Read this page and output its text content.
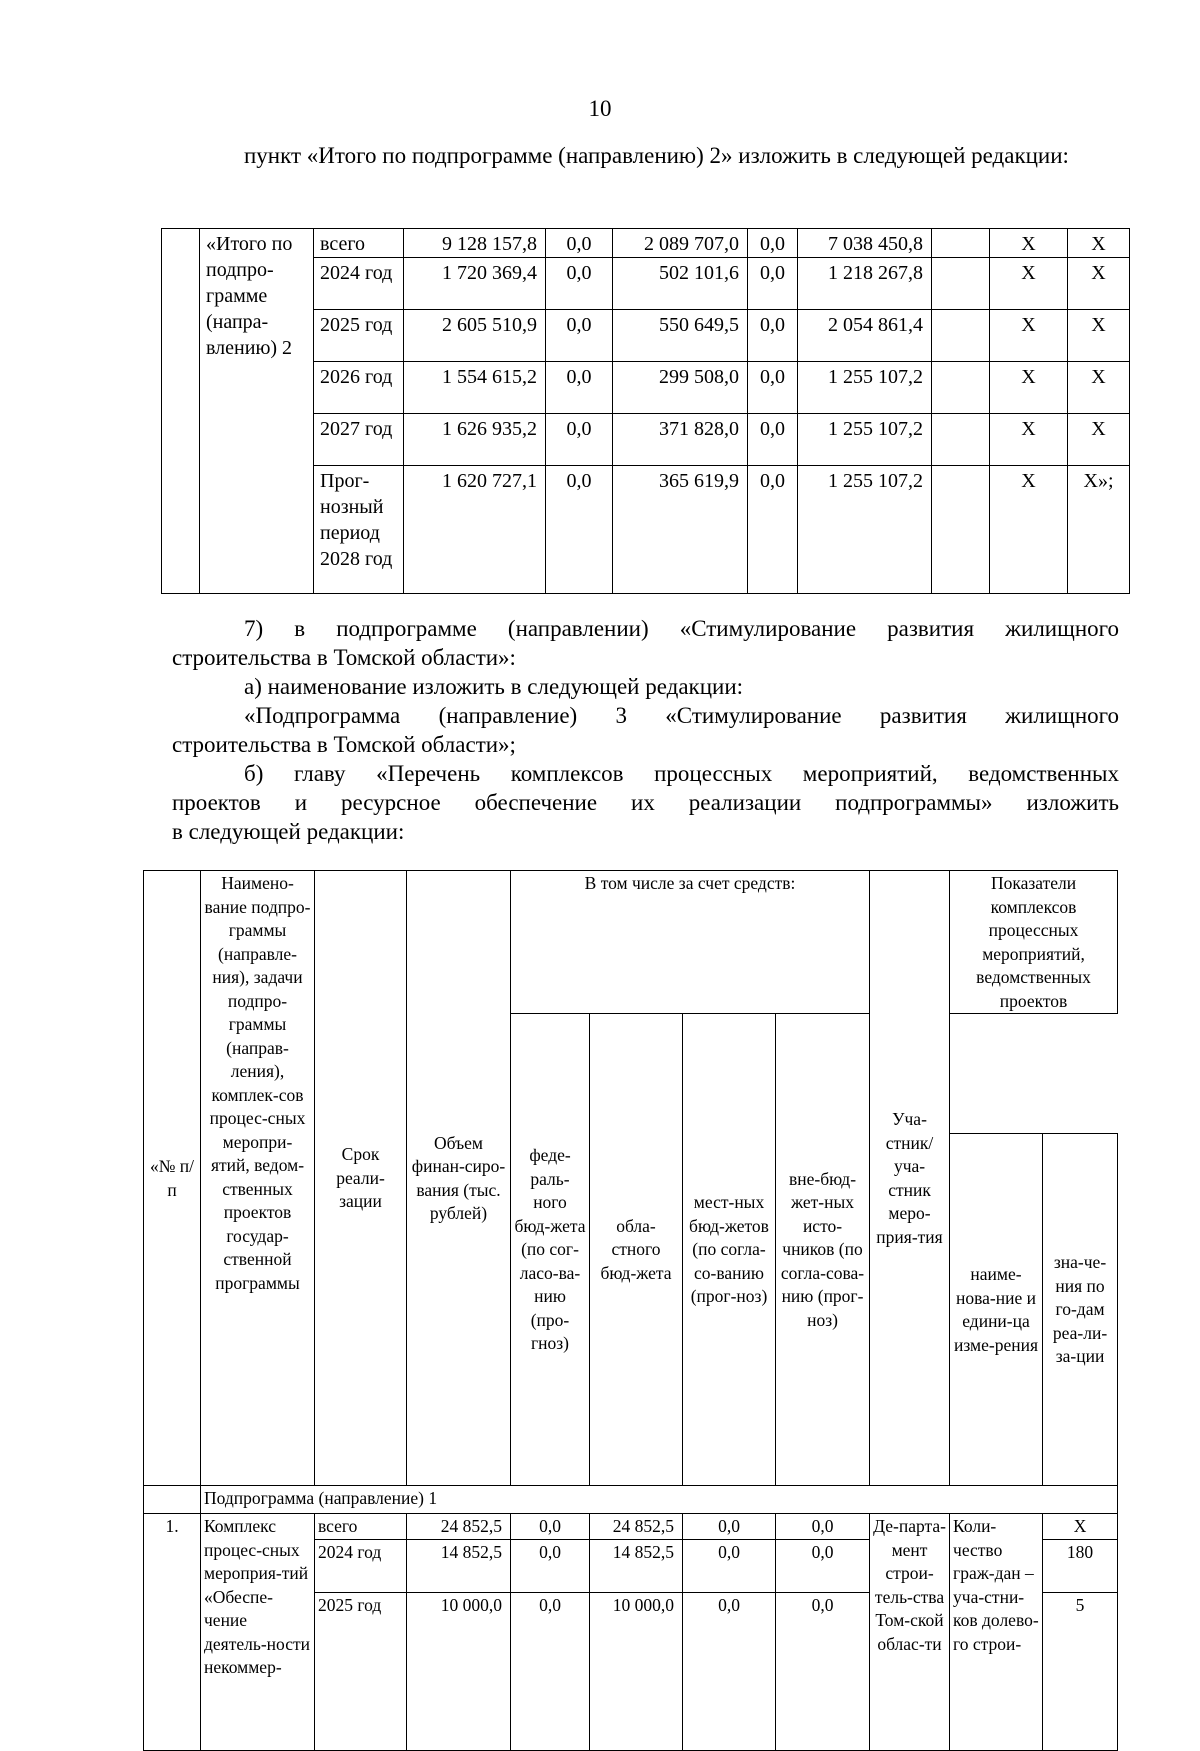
10

пункт «Итого по подпрограмме (направлению) 2» изложить в следующей редакции:

	«Итого по подпро-грамме (напра-влению) 2	всего	9 128 157,8	0,0	2 089 707,0	0,0	7 038 450,8		Х	Х
		2024 год	1 720 369,4	0,0	502 101,6	0,0	1 218 267,8		Х	Х
		2025 год	2 605 510,9	0,0	550 649,5	0,0	2 054 861,4		Х	Х
		2026 год	1 554 615,2	0,0	299 508,0	0,0	1 255 107,2		Х	Х
		2027 год	1 626 935,2	0,0	371 828,0	0,0	1 255 107,2		Х	Х
		Прог-нозный период 2028 год	1 620 727,1	0,0	365 619,9	0,0	1 255 107,2		Х	Х»;
7) в подпрограмме (направлении) «Стимулирование развития жилищного
строительства в Томской области»:
а) наименование изложить в следующей редакции:
«Подпрограмма (направление) 3 «Стимулирование развития жилищного
строительства в Томской области»;
б) главу «Перечень комплексов процессных мероприятий, ведомственных
проектов и ресурсное обеспечение их реализации подпрограммы» изложить
в следующей редакции:
«№ п/п	Наимено-вание подпро-граммы (направле-ния), задачи подпро-граммы (направ-ления), комплек-сов процес-сных меропри-ятий, ведом-ственных проектов государ-ственной программы	Срок реали-зации	Объем финан-сиро-вания (тыс. рублей)	В том числе за счет средств:				Уча-стник/ уча-стник меро-прия-тия	Показатели комплексов процессных мероприятий, ведомственных проектов	
				феде-раль-ного бюд-жета (по сог-ласо-ва-нию (про-гноз)	обла-стного бюд-жета	мест-ных бюд-жетов (по согла-со-ванию (прог-ноз)	вне-бюд-жет-ных исто-чников (по согла-сова-нию (прог-ноз)			
									наиме-нова-ние и едини-ца изме-рения	зна-че-ния по го-дам реа-ли-за-ции
	Подпрограмма (направление) 1									
1.	Комплекс процес-сных мероприя-тий «Обеспе-чение деятель-ности некоммер-	всего	24 852,5	0,0	24 852,5	0,0	0,0	Де-парта-мент строи-тель-ства Том-ской облас-ти	Коли-чество граж-дан – уча-стни-ков долево-го строи-	Х
		2024 год	14 852,5	0,0	14 852,5	0,0	0,0			180
		2025 год	10 000,0	0,0	10 000,0	0,0	0,0			5
